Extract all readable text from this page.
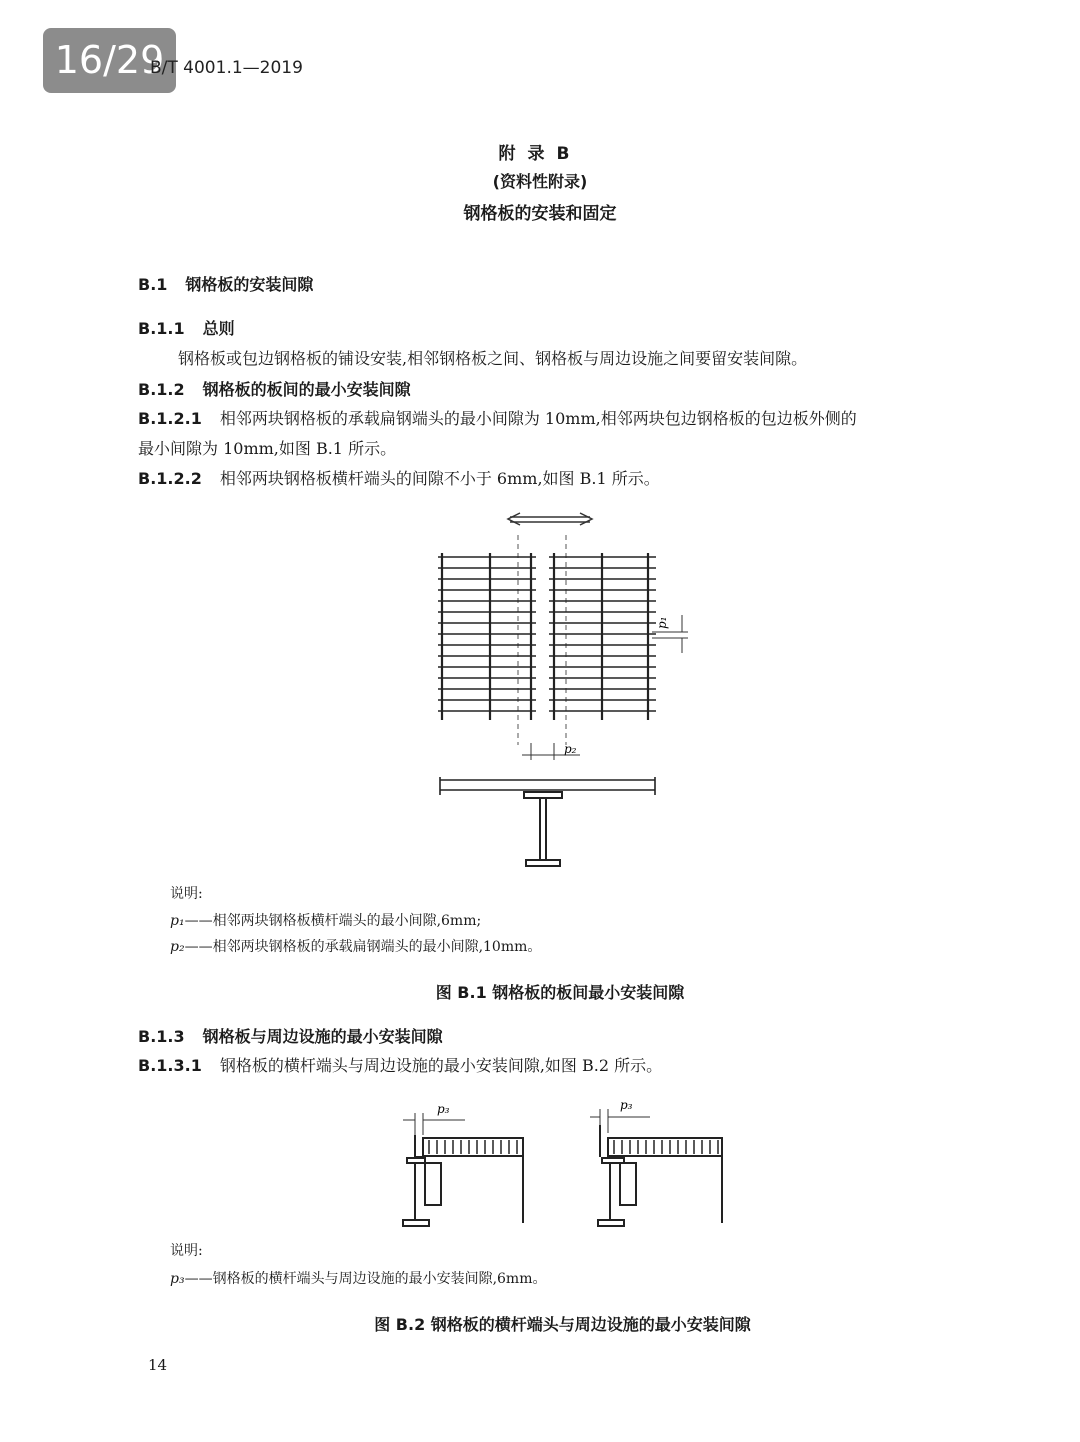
16/29
B/T 4001.1—2019
附录B
(资料性附录)
钢格板的安装和固定
B.1 钢格板的安装间隙
B.1.1 总则
钢格板或包边钢格板的铺设安装,相邻钢格板之间、钢格板与周边设施之间要留安装间隙。
B.1.2 钢格板的板间的最小安装间隙
B.1.2.1 相邻两块钢格板的承载扁钢端头的最小间隙为 10mm,相邻两块包边钢格板的包边板外侧的
最小间隙为 10mm,如图 B.1 所示。
B.1.2.2 相邻两块钢格板横杆端头的间隙不小于 6mm,如图 B.1 所示。
p₁
p₂
说明:
p₁——相邻两块钢格板横杆端头的最小间隙,6mm;
p₂——相邻两块钢格板的承载扁钢端头的最小间隙,10mm。
图 B.1 钢格板的板间最小安装间隙
B.1.3 钢格板与周边设施的最小安装间隙
B.1.3.1 钢格板的横杆端头与周边设施的最小安装间隙,如图 B.2 所示。
p₃	p₃
说明:
p₃——钢格板的横杆端头与周边设施的最小安装间隙,6mm。
图 B.2 钢格板的横杆端头与周边设施的最小安装间隙
14
